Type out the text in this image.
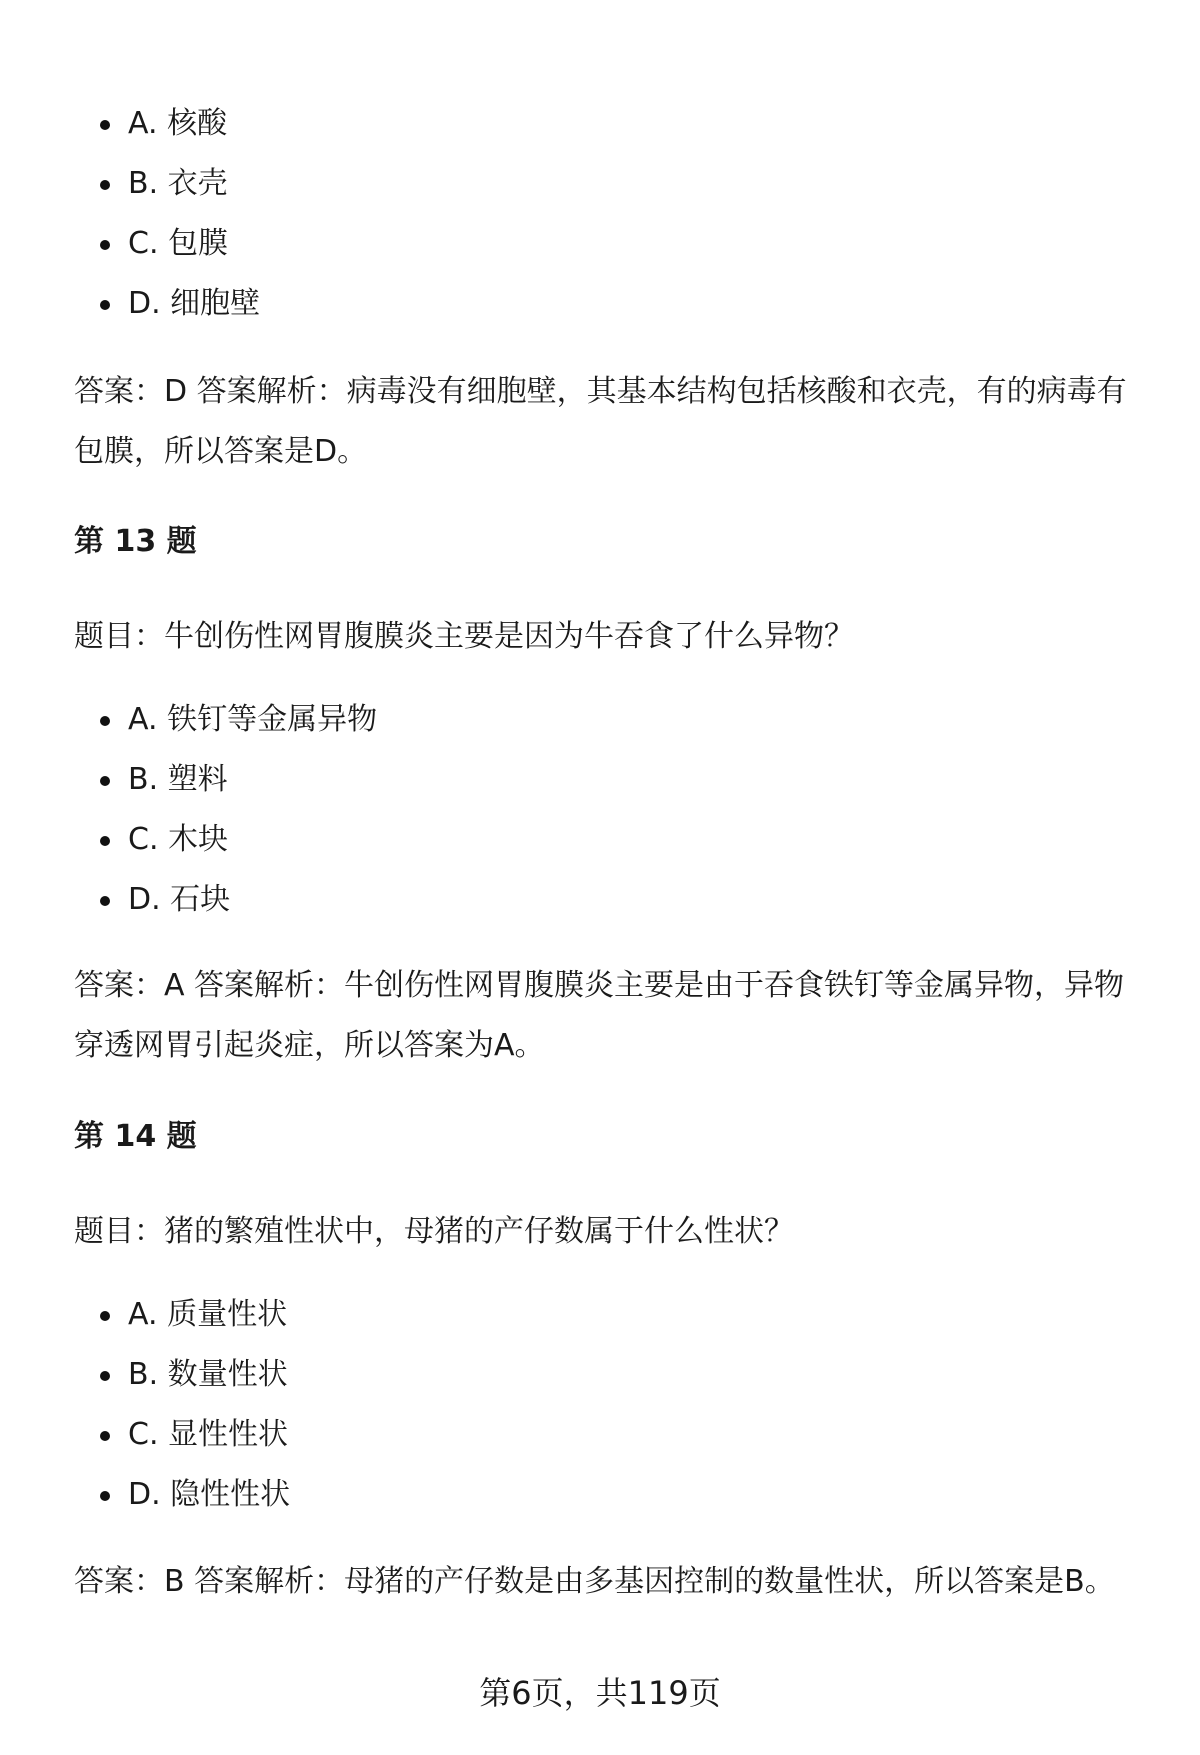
A. 核酸
B. 衣壳
C. 包膜
D. 细胞壁
答案：D 答案解析：病毒没有细胞壁，其基本结构包括核酸和衣壳，有的病毒有包膜，所以答案是D。
第 13 题
题目：牛创伤性网胃腹膜炎主要是因为牛吞食了什么异物？
A. 铁钉等金属异物
B. 塑料
C. 木块
D. 石块
答案：A 答案解析：牛创伤性网胃腹膜炎主要是由于吞食铁钉等金属异物，异物穿透网胃引起炎症，所以答案为A。
第 14 题
题目：猪的繁殖性状中，母猪的产仔数属于什么性状？
A. 质量性状
B. 数量性状
C. 显性性状
D. 隐性性状
答案：B 答案解析：母猪的产仔数是由多基因控制的数量性状，所以答案是B。
第6页，共119页
